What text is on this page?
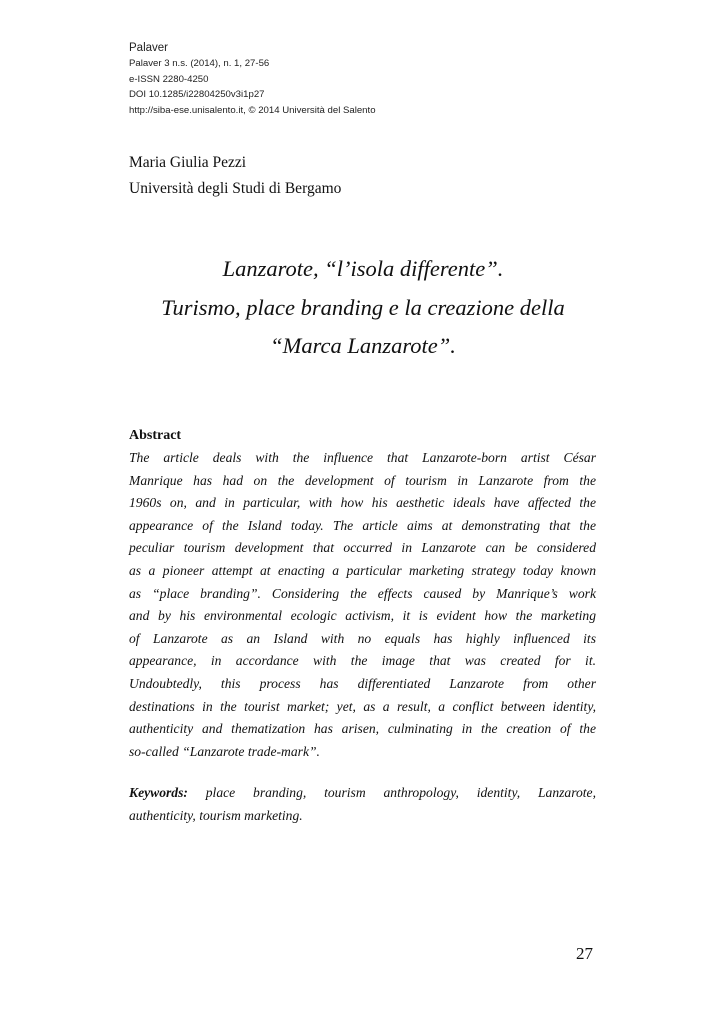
Palaver
Palaver 3 n.s. (2014), n. 1, 27-56
e-ISSN 2280-4250
DOI 10.1285/i22804250v3i1p27
http://siba-ese.unisalento.it, © 2014 Università del Salento
Maria Giulia Pezzi
Università degli Studi di Bergamo
Lanzarote, “l’isola differente”.
Turismo, place branding e la creazione della
“Marca Lanzarote”.
Abstract
The article deals with the influence that Lanzarote-born artist César
Manrique has had on the development of tourism in Lanzarote from the
1960s on, and in particular, with how his aesthetic ideals have affected the
appearance of the Island today. The article aims at demonstrating that the
peculiar tourism development that occurred in Lanzarote can be considered
as a pioneer attempt at enacting a particular marketing strategy today known
as “place branding”. Considering the effects caused by Manrique’s work
and by his environmental ecologic activism, it is evident how the marketing
of Lanzarote as an Island with no equals has highly influenced its
appearance, in accordance with the image that was created for it.
Undoubtedly, this process has differentiated Lanzarote from other
destinations in the tourist market; yet, as a result, a conflict between identity,
authenticity and thematization has arisen, culminating in the creation of the
so-called “Lanzarote trade-mark”.
Keywords: place branding, tourism anthropology, identity, Lanzarote,
authenticity, tourism marketing.
27
